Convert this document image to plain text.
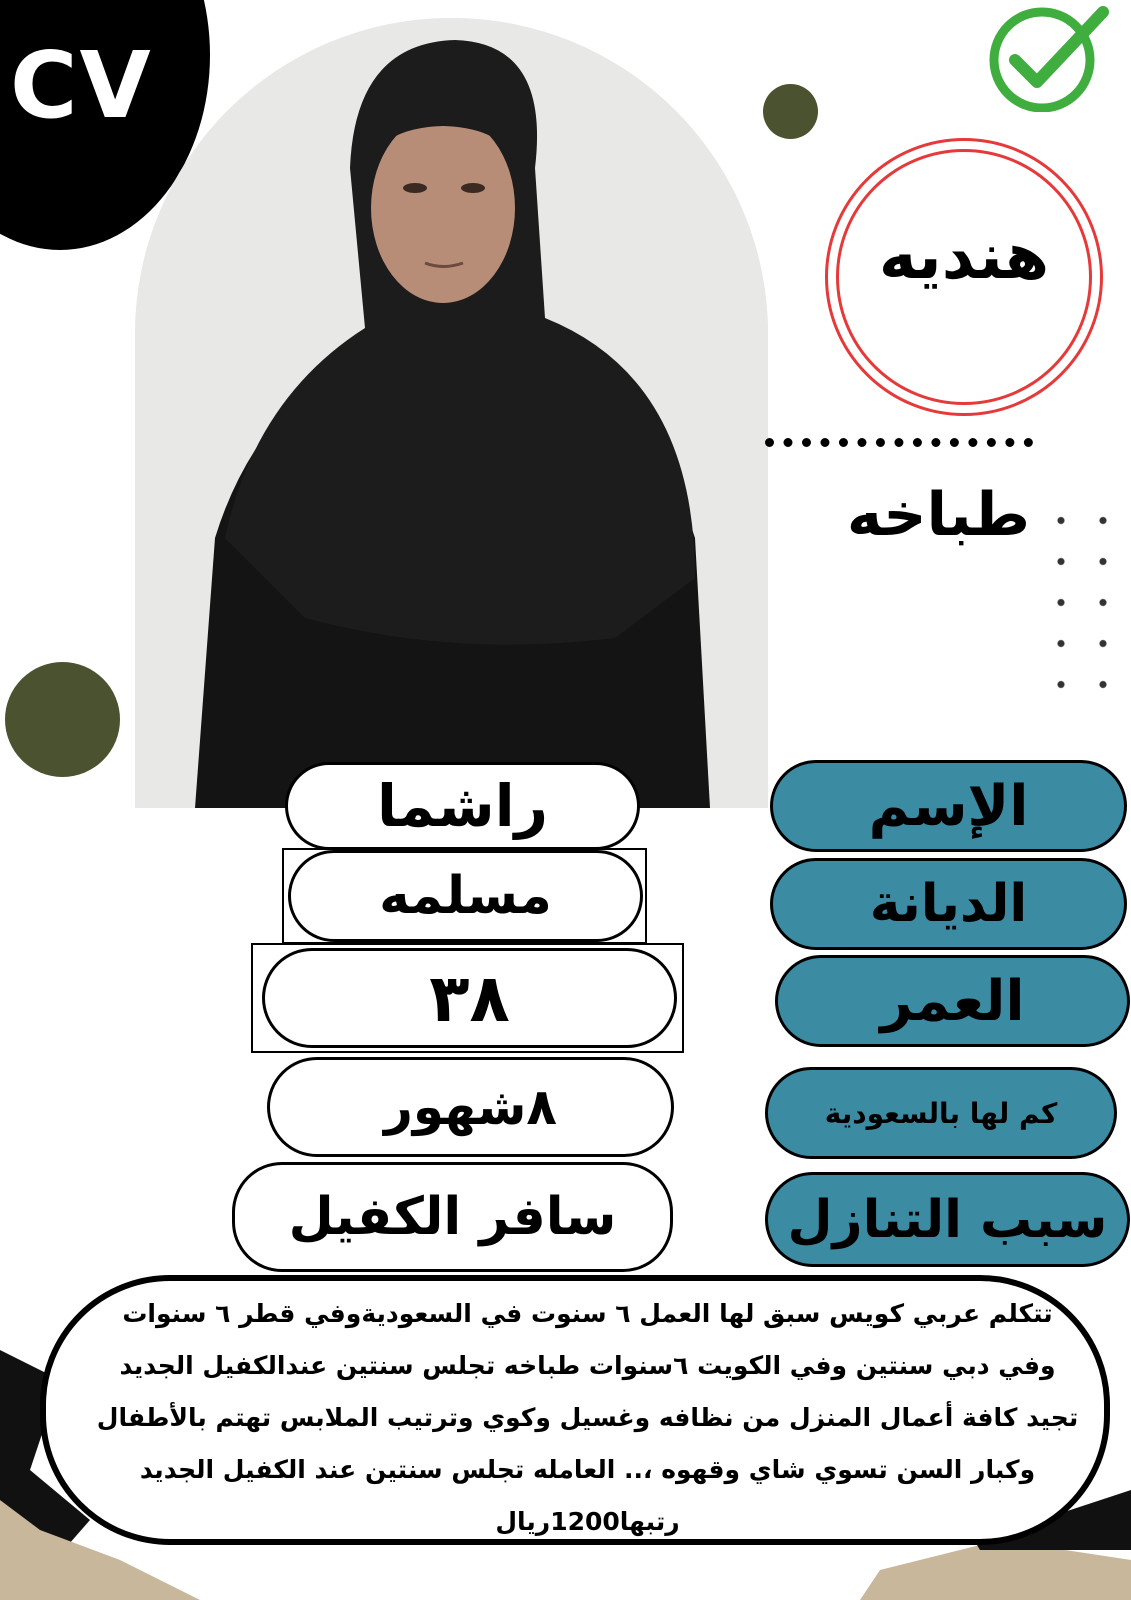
CV
هنديه
طباخه
راشما
مسلمه
٣٨
٨شهور
سافر الكفيل
الإسم
الديانة
العمر
كم لها بالسعودية
سبب التنازل
تتكلم عربي كويس سبق لها العمل ٦ سنوت في السعوديةوفي قطر ٦ سنوات وفي دبي سنتين وفي الكويت ٦سنوات طباخه تجلس سنتين عندالكفيل الجديد تجيد كافة أعمال المنزل من نظافه وغسيل وكوي وترتيب الملابس تهتم بالأطفال وكبار السن تسوي شاي وقهوه ،.. العامله تجلس سنتين عند الكفيل الجديد رتبها1200ريال
